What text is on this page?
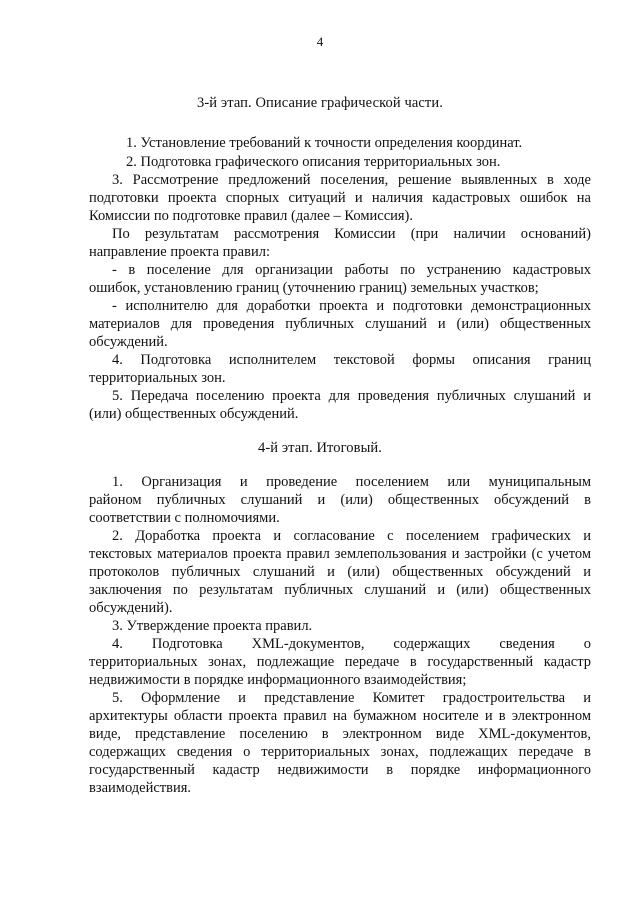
4
3-й этап. Описание графической части.
1. Установление требований к точности определения координат.
2. Подготовка графического описания территориальных зон.
3. Рассмотрение предложений поселения, решение выявленных в ходе
подготовки проекта спорных ситуаций и наличия кадастровых ошибок на
Комиссии по подготовке правил (далее – Комиссия).
По результатам рассмотрения Комиссии (при наличии оснований)
направление проекта правил:
- в поселение для организации работы по устранению кадастровых
ошибок, установлению границ (уточнению границ) земельных участков;
- исполнителю для доработки проекта и подготовки демонстрационных
материалов для проведения публичных слушаний и (или) общественных
обсуждений.
4. Подготовка исполнителем текстовой формы описания границ
территориальных зон.
5. Передача поселению проекта для проведения публичных слушаний и
(или) общественных обсуждений.
4-й этап. Итоговый.
1. Организация и проведение поселением или муниципальным
районом публичных слушаний и (или) общественных обсуждений в
соответствии с полномочиями.
2. Доработка проекта и согласование с поселением графических и
текстовых материалов проекта правил землепользования и застройки (с учетом
протоколов публичных слушаний и (или) общественных обсуждений и
заключения по результатам публичных слушаний и (или) общественных
обсуждений).
3. Утверждение проекта правил.
4. Подготовка XML-документов, содержащих сведения о
территориальных зонах, подлежащие передаче в государственный кадастр
недвижимости в порядке информационного взаимодействия;
5. Оформление и представление Комитет градостроительства и
архитектуры области проекта правил на бумажном носителе и в электронном
виде, представление поселению в электронном виде XML-документов,
содержащих сведения о территориальных зонах, подлежащих передаче в
государственный кадастр недвижимости в порядке информационного
взаимодействия.
